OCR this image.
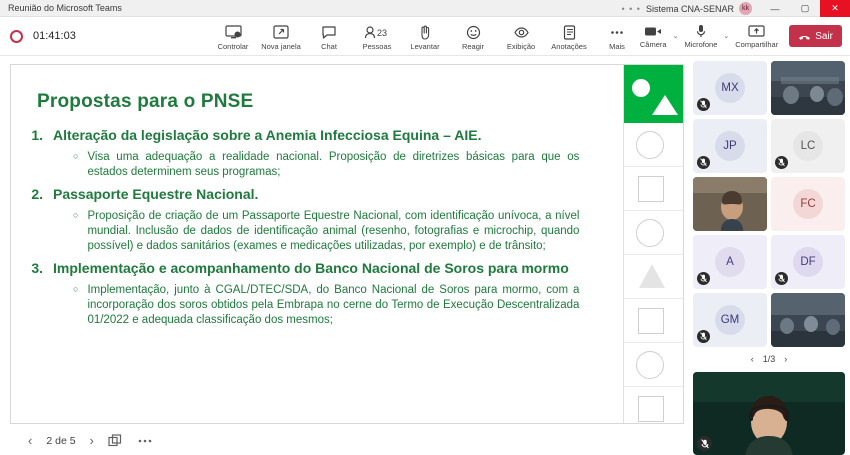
Reunião do Microsoft Teams	• • • Sistema CNA-SENAR	kk	—	▢	✕
01:41:03
Controlar Nova janela	Chat
23
Pessoas	Levantar	Reagir	Exibição Anotações	Mais Câmera
⌄
Microfone
⌄
Compartilhar
Sair
Propostas para o PNSE
1. Alteração da legislação sobre a Anemia Infecciosa Equina – AIE.
○ Visa uma adequação a realidade nacional. Proposição de diretrizes básicas para que os estados determinem seus programas;
2. Passaporte Equestre Nacional.
○ Proposição de criação de um Passaporte Equestre Nacional, com identificação unívoca, a nível mundial. Inclusão de dados de identificação animal (resenho, fotografias e microchip, quando possível) e dados sanitários (exames e medicações utilizadas, por exemplo) e de trânsito;
3. Implementação e acompanhamento do Banco Nacional de Soros para mormo
○ Implementação, junto à CGAL/DTEC/SDA, do Banco Nacional de Soros para mormo, com a incorporação dos soros obtidos pela Embrapa no cerne do Termo de Execução Descentralizada 01/2022 e adequada classificação dos mesmos;
‹ 2 de 5 ›
MX
JP	LC
FC
A	DF
GM
‹ 1/3 ›
